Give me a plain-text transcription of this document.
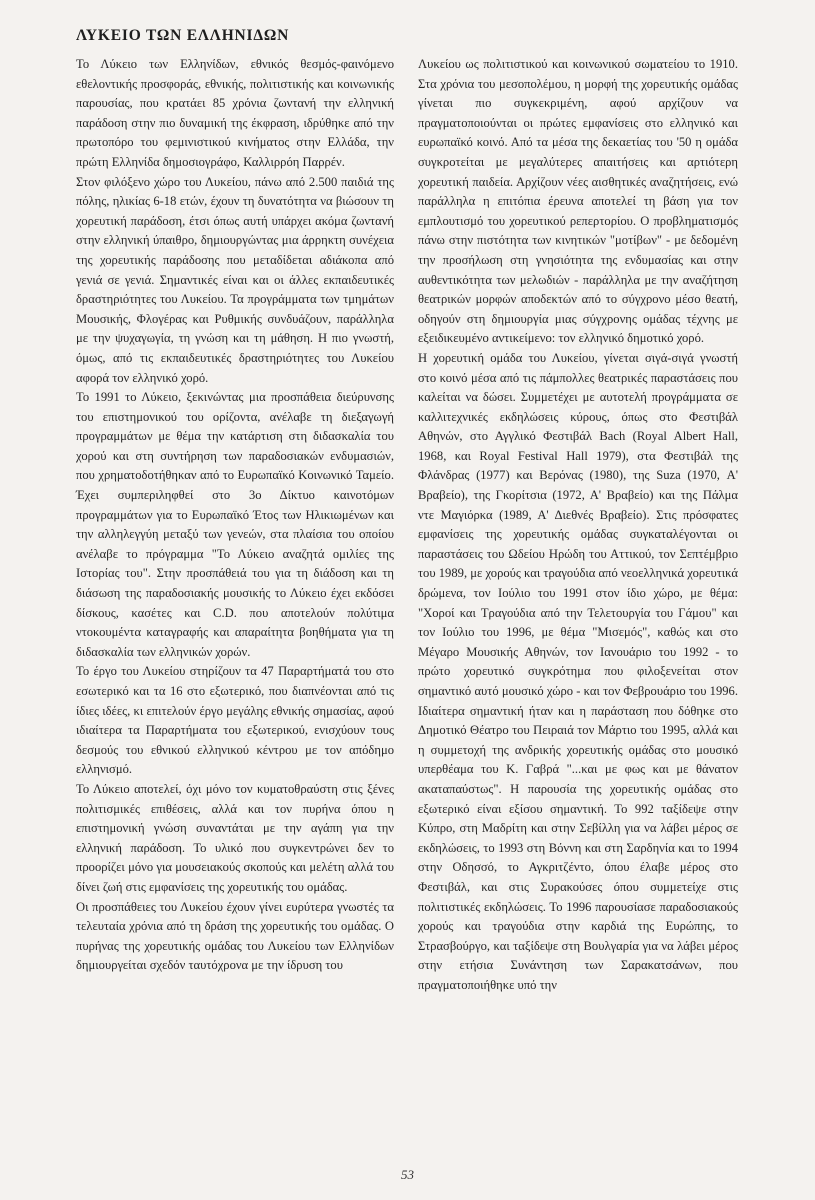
ΛΥΚΕΙΟ ΤΩΝ ΕΛΛΗΝΙΔΩΝ

Το Λύκειο των Ελληνίδων, εθνικός θεσμός-φαινόμενο εθελοντικής προσφοράς, εθνικής, πολιτιστικής και κοινωνικής παρουσίας, που κρατάει 85 χρόνια ζωντανή την ελληνική παράδοση στην πιο δυναμική της έκφραση, ιδρύθηκε από την πρωτοπόρο του φεμινιστικού κινήματος στην Ελλάδα, την πρώτη Ελληνίδα δημοσιογράφο, Καλλιρρόη Παρρέν.

Στον φιλόξενο χώρο του Λυκείου, πάνω από 2.500 παιδιά της πόλης, ηλικίας 6-18 ετών, έχουν τη δυνατότητα να βιώσουν τη χορευτική παράδοση, έτσι όπως αυτή υπάρχει ακόμα ζωντανή στην ελληνική ύπαιθρο, δημιουργώντας μια άρρηκτη συνέχεια της χορευτικής παράδοσης που μεταδίδεται αδιάκοπα από γενιά σε γενιά. Σημαντικές είναι και οι άλλες εκπαιδευτικές δραστηριότητες του Λυκείου. Τα προγράμματα των τμημάτων Μουσικής, Φλογέρας και Ρυθμικής συνδυάζουν, παράλληλα με την ψυχαγωγία, τη γνώση και τη μάθηση. Η πιο γνωστή, όμως, από τις εκπαιδευτικές δραστηριότητες του Λυκείου αφορά τον ελληνικό χορό.

Το 1991 το Λύκειο, ξεκινώντας μια προσπάθεια διεύρυνσης του επιστημονικού του ορίζοντα, ανέλαβε τη διεξαγωγή προγραμμάτων με θέμα την κατάρτιση στη διδασκαλία του χορού και στη συντήρηση των παραδοσιακών ενδυμασιών, που χρηματοδοτήθηκαν από το Ευρωπαϊκό Κοινωνικό Ταμείο. Έχει συμπεριληφθεί στο 3ο Δίκτυο καινοτόμων προγραμμάτων για το Ευρωπαϊκό Έτος των Ηλικιωμένων και την αλληλεγγύη μεταξύ των γενεών, στα πλαίσια του οποίου ανέλαβε το πρόγραμμα "Το Λύκειο αναζητά ομιλίες της Ιστορίας του". Στην προσπάθειά του για τη διάδοση και τη διάσωση της παραδοσιακής μουσικής το Λύκειο έχει εκδόσει δίσκους, κασέτες και C.D. που αποτελούν πολύτιμα ντοκουμέντα καταγραφής και απαραίτητα βοηθήματα για τη διδασκαλία των ελληνικών χορών.

Το έργο του Λυκείου στηρίζουν τα 47 Παραρτήματά του στο εσωτερικό και τα 16 στο εξωτερικό, που διαπνέονται από τις ίδιες ιδέες, κι επιτελούν έργο μεγάλης εθνικής σημασίας, αφού ιδιαίτερα τα Παραρτήματα του εξωτερικού, ενισχύουν τους δεσμούς του εθνικού ελληνικού κέντρου με τον απόδημο ελληνισμό.

Το Λύκειο αποτελεί, όχι μόνο τον κυματοθραύστη στις ξένες πολιτισμικές επιθέσεις, αλλά και τον πυρήνα όπου η επιστημονική γνώση συναντάται με την αγάπη για την ελληνική παράδοση. Το υλικό που συγκεντρώνει δεν το προορίζει μόνο για μουσειακούς σκοπούς και μελέτη αλλά του δίνει ζωή στις εμφανίσεις της χορευτικής του ομάδας.

Οι προσπάθειες του Λυκείου έχουν γίνει ευρύτερα γνωστές τα τελευταία χρόνια από τη δράση της χορευτικής του ομάδας. Ο πυρήνας της χορευτικής ομάδας του Λυκείου των Ελληνίδων δημιουργείται σχεδόν ταυτόχρονα με την ίδρυση του

Λυκείου ως πολιτιστικού και κοινωνικού σωματείου το 1910. Στα χρόνια του μεσοπολέμου, η μορφή της χορευτικής ομάδας γίνεται πιο συγκεκριμένη, αφού αρχίζουν να πραγματοποιούνται οι πρώτες εμφανίσεις στο ελληνικό και ευρωπαϊκό κοινό. Από τα μέσα της δεκαετίας του '50 η ομάδα συγκροτείται με μεγαλύτερες απαιτήσεις και αρτιότερη χορευτική παιδεία. Αρχίζουν νέες αισθητικές αναζητήσεις, ενώ παράλληλα η επιτόπια έρευνα αποτελεί τη βάση για τον εμπλουτισμό του χορευτικού ρεπερτορίου. Ο προβληματισμός πάνω στην πιστότητα των κινητικών "μοτίβων" - με δεδομένη την προσήλωση στη γνησιότητα της ενδυμασίας και στην αυθεντικότητα των μελωδιών - παράλληλα με την αναζήτηση θεατρικών μορφών αποδεκτών από το σύγχρονο μέσο θεατή, οδηγούν στη δημιουργία μιας σύγχρονης ομάδας τέχνης με εξειδικευμένο αντικείμενο: τον ελληνικό δημοτικό χορό.

Η χορευτική ομάδα του Λυκείου, γίνεται σιγά-σιγά γνωστή στο κοινό μέσα από τις πάμπολλες θεατρικές παραστάσεις που καλείται να δώσει. Συμμετέχει με αυτοτελή προγράμματα σε καλλιτεχνικές εκδηλώσεις κύρους, όπως στο Φεστιβάλ Αθηνών, στο Αγγλικό Φεστιβάλ Bach (Royal Albert Hall, 1968, και Royal Festival Hall 1979), στα Φεστιβάλ της Φλάνδρας (1977) και Βερόνας (1980), της Suza (1970, Α' Βραβείο), της Γκορίτσια (1972, Α' Βραβείο) και της Πάλμα ντε Μαγιόρκα (1989, Α' Διεθνές Βραβείο). Στις πρόσφατες εμφανίσεις της χορευτικής ομάδας συγκαταλέγονται οι παραστάσεις του Ωδείου Ηρώδη του Αττικού, τον Σεπτέμβριο του 1989, με χορούς και τραγούδια από νεοελληνικά χορευτικά δρώμενα, τον Ιούλιο του 1991 στον ίδιο χώρο, με θέμα: "Χοροί και Τραγούδια από την Τελετουργία του Γάμου" και τον Ιούλιο του 1996, με θέμα "Μισεμός", καθώς και στο Μέγαρο Μουσικής Αθηνών, τον Ιανουάριο του 1992 - το πρώτο χορευτικό συγκρότημα που φιλοξενείται στον σημαντικό αυτό μουσικό χώρο - και τον Φεβρουάριο του 1996. Ιδιαίτερα σημαντική ήταν και η παράσταση που δόθηκε στο Δημοτικό Θέατρο του Πειραιά τον Μάρτιο του 1995, αλλά και η συμμετοχή της ανδρικής χορευτικής ομάδας στο μουσικό υπερθέαμα του Κ. Γαβρά "...και με φως και με θάνατον ακαταπαύστως". Η παρουσία της χορευτικής ομάδας στο εξωτερικό είναι εξίσου σημαντική. Το 992 ταξίδεψε στην Κύπρο, στη Μαδρίτη και στην Σεβίλλη για να λάβει μέρος σε εκδηλώσεις, το 1993 στη Βόννη και στη Σαρδηνία και το 1994 στην Οδησσό, το Αγκριτζέντο, όπου έλαβε μέρος στο Φεστιβάλ, και στις Συρακούσες όπου συμμετείχε στις πολιτιστικές εκδηλώσεις. Το 1996 παρουσίασε παραδοσιακούς χορούς και τραγούδια στην καρδιά της Ευρώπης, το Στρασβούργο, και ταξίδεψε στη Βουλγαρία για να λάβει μέρος στην ετήσια Συνάντηση των Σαρακατσάνων, που πραγματοποιήθηκε υπό την

53
